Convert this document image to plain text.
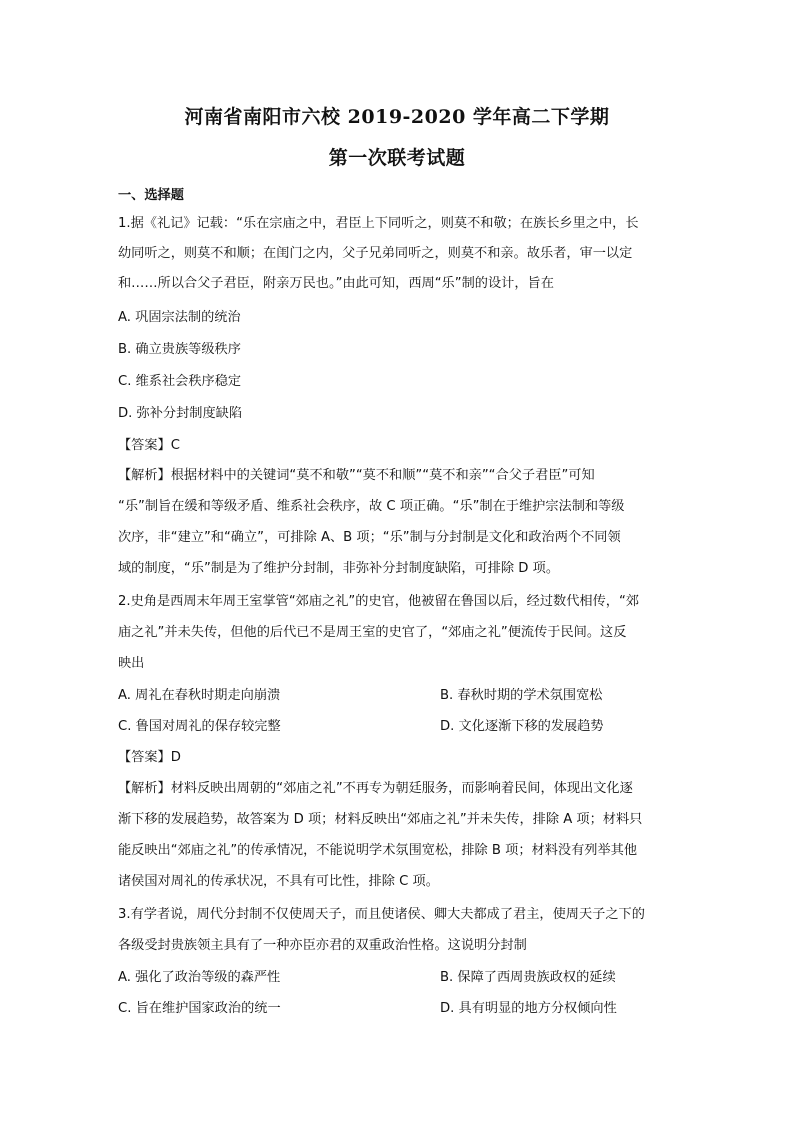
河南省南阳市六校 2019-2020 学年高二下学期
第一次联考试题
一、选择题
1.据《礼记》记载：“乐在宗庙之中，君臣上下同听之，则莫不和敬；在族长乡里之中，长
幼同听之，则莫不和顺；在闺门之内，父子兄弟同听之，则莫不和亲。故乐者，审一以定
和……所以合父子君臣，附亲万民也。”由此可知，西周“乐”制的设计，旨在
A. 巩固宗法制的统治
B. 确立贵族等级秩序
C. 维系社会秩序稳定
D. 弥补分封制度缺陷
【答案】C
【解析】根据材料中的关键词“莫不和敬”“莫不和顺”“莫不和亲”“合父子君臣”可知
“乐”制旨在缓和等级矛盾、维系社会秩序，故 C 项正确。“乐”制在于维护宗法制和等级
次序，非“建立”和“确立”，可排除 A、B 项；“乐”制与分封制是文化和政治两个不同领
域的制度，“乐”制是为了维护分封制，非弥补分封制度缺陷，可排除 D 项。
2.史角是西周末年周王室掌管“郊庙之礼”的史官，他被留在鲁国以后，经过数代相传，“郊
庙之礼”并未失传，但他的后代已不是周王室的史官了，“郊庙之礼”便流传于民间。这反
映出
A. 周礼在春秋时期走向崩溃	B. 春秋时期的学术氛围宽松
C. 鲁国对周礼的保存较完整	D. 文化逐渐下移的发展趋势
【答案】D
【解析】材料反映出周朝的“郊庙之礼”不再专为朝廷服务，而影响着民间，体现出文化逐
渐下移的发展趋势，故答案为 D 项；材料反映出“郊庙之礼”并未失传，排除 A 项；材料只
能反映出“郊庙之礼”的传承情况，不能说明学术氛围宽松，排除 B 项；材料没有列举其他
诸侯国对周礼的传承状况，不具有可比性，排除 C 项。
3.有学者说，周代分封制不仅使周天子，而且使诸侯、卿大夫都成了君主，使周天子之下的
各级受封贵族领主具有了一种亦臣亦君的双重政治性格。这说明分封制
A. 强化了政治等级的森严性	B. 保障了西周贵族政权的延续
C. 旨在维护国家政治的统一	D. 具有明显的地方分权倾向性
